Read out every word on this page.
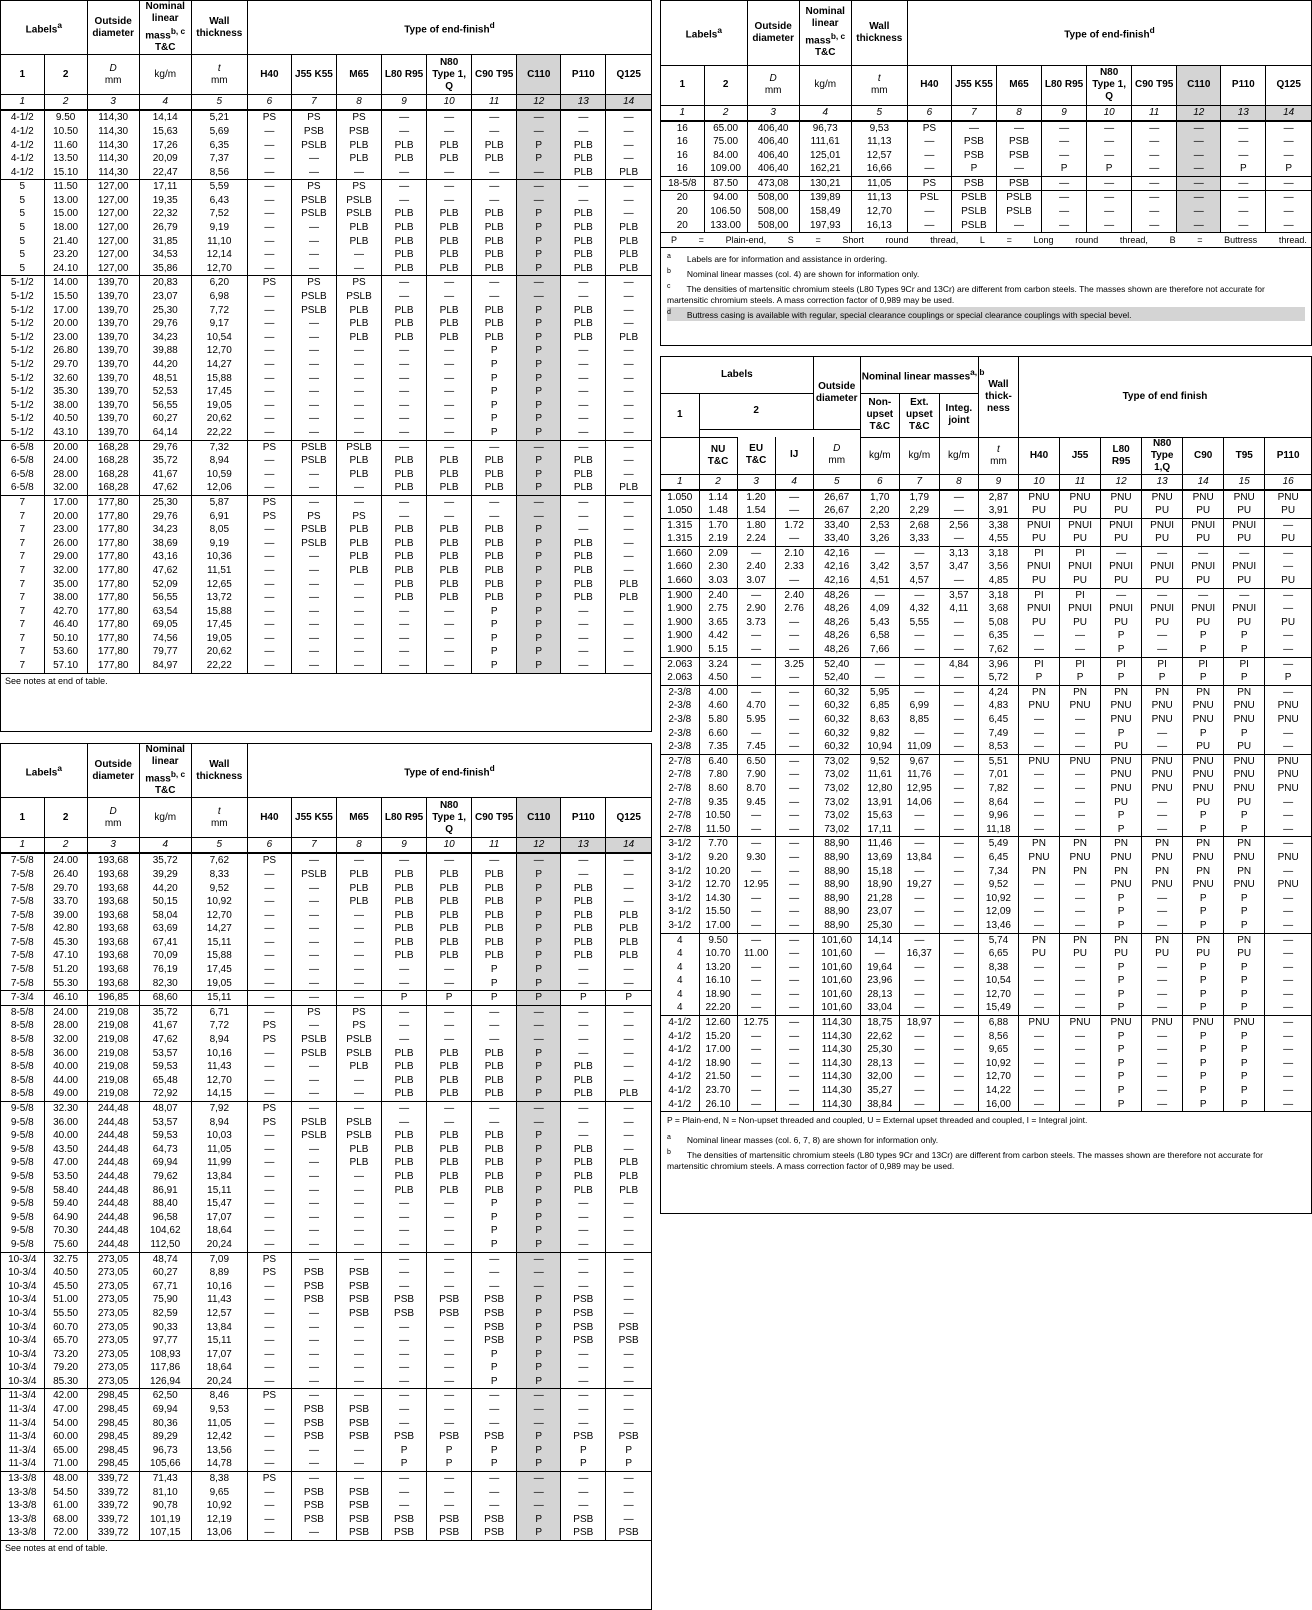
Labels$^a$		Outside diameter	Nominal linear mass$^{b, c}$
T&C	Wall thickness	Type of end-finish$^d$
1	2	D
mm	kg/m	t
mm	H40	J55 K55	M65	L80 R95	N80 Type 1, Q	C90 T95	C110	P110	Q125
1	2	3	4	5	6	7	8	9	10	11	12	13	14
4-1/2	9.50	114,30	14,14	5,21	PS	PS	PS	—	—	—	—	—	—
4-1/2	10.50	114,30	15,63	5,69	—	PSB	PSB	—	—	—	—	—	—
4-1/2	11.60	114,30	17,26	6,35	—	PSLB	PLB	PLB	PLB	PLB	P	PLB	—
4-1/2	13.50	114,30	20,09	7,37	—	—	PLB	PLB	PLB	PLB	P	PLB	—
4-1/2	15.10	114,30	22,47	8,56	—	—	—	—	—	—	—	PLB	PLB
5	11.50	127,00	17,11	5,59	—	PS	PS	—	—	—	—	—	—
5	13.00	127,00	19,35	6,43	—	PSLB	PSLB	—	—	—	—	—	—
5	15.00	127,00	22,32	7,52	—	PSLB	PSLB	PLB	PLB	PLB	P	PLB	—
5	18.00	127,00	26,79	9,19	—	—	PLB	PLB	PLB	PLB	P	PLB	PLB
5	21.40	127,00	31,85	11,10	—	—	PLB	PLB	PLB	PLB	P	PLB	PLB
5	23.20	127,00	34,53	12,14	—	—	—	PLB	PLB	PLB	P	PLB	PLB
5	24.10	127,00	35,86	12,70	—	—	—	PLB	PLB	PLB	P	PLB	PLB
5-1/2	14.00	139,70	20,83	6,20	PS	PS	PS	—	—	—	—	—	—
5-1/2	15.50	139,70	23,07	6,98	—	PSLB	PSLB	—	—	—	—	—	—
5-1/2	17.00	139,70	25,30	7,72	—	PSLB	PLB	PLB	PLB	PLB	P	PLB	—
5-1/2	20.00	139,70	29,76	9,17	—	—	PLB	PLB	PLB	PLB	P	PLB	—
5-1/2	23.00	139,70	34,23	10,54	—	—	PLB	PLB	PLB	PLB	P	PLB	PLB
5-1/2	26.80	139,70	39,88	12,70	—	—	—	—	—	P	P	—	—
5-1/2	29.70	139,70	44,20	14,27	—	—	—	—	—	P	P	—	—
5-1/2	32.60	139,70	48,51	15,88	—	—	—	—	—	P	P	—	—
5-1/2	35.30	139,70	52,53	17,45	—	—	—	—	—	P	P	—	—
5-1/2	38.00	139,70	56,55	19,05	—	—	—	—	—	P	P	—	—
5-1/2	40.50	139,70	60,27	20,62	—	—	—	—	—	P	P	—	—
5-1/2	43.10	139,70	64,14	22,22	—	—	—	—	—	P	P	—	—
6-5/8	20.00	168,28	29,76	7,32	PS	PSLB	PSLB	—	—	—	—	—	—
6-5/8	24.00	168,28	35,72	8,94	—	PSLB	PLB	PLB	PLB	PLB	P	PLB	—
6-5/8	28.00	168,28	41,67	10,59	—	—	PLB	PLB	PLB	PLB	P	PLB	—
6-5/8	32.00	168,28	47,62	12,06	—	—	—	PLB	PLB	PLB	P	PLB	PLB
7	17.00	177,80	25,30	5,87	PS	—	—	—	—	—	—	—	—
7	20.00	177,80	29,76	6,91	PS	PS	PS	—	—	—	—	—	—
7	23.00	177,80	34,23	8,05	—	PSLB	PLB	PLB	PLB	PLB	P	—	—
7	26.00	177,80	38,69	9,19	—	PSLB	PLB	PLB	PLB	PLB	P	PLB	—
7	29.00	177,80	43,16	10,36	—	—	PLB	PLB	PLB	PLB	P	PLB	—
7	32.00	177,80	47,62	11,51	—	—	PLB	PLB	PLB	PLB	P	PLB	—
7	35.00	177,80	52,09	12,65	—	—	—	PLB	PLB	PLB	P	PLB	PLB
7	38.00	177,80	56,55	13,72	—	—	—	PLB	PLB	PLB	P	PLB	PLB
7	42.70	177,80	63,54	15,88	—	—	—	—	—	P	P	—	—
7	46.40	177,80	69,05	17,45	—	—	—	—	—	P	P	—	—
7	50.10	177,80	74,56	19,05	—	—	—	—	—	P	P	—	—
7	53.60	177,80	79,77	20,62	—	—	—	—	—	P	P	—	—
7	57.10	177,80	84,97	22,22	—	—	—	—	—	P	P	—	—
See notes at end of table.
Labels$^a$		Outside diameter	Nominal linear mass$^{b, c}$
T&C	Wall thickness	Type of end-finish$^d$
1	2	D
mm	kg/m	t
mm	H40	J55 K55	M65	L80 R95	N80 Type 1, Q	C90 T95	C110	P110	Q125
1	2	3	4	5	6	7	8	9	10	11	12	13	14
7-5/8	24.00	193,68	35,72	7,62	PS	—	—	—	—	—	—	—	—
7-5/8	26.40	193,68	39,29	8,33	—	PSLB	PLB	PLB	PLB	PLB	P	—	—
7-5/8	29.70	193,68	44,20	9,52	—	—	PLB	PLB	PLB	PLB	P	PLB	—
7-5/8	33.70	193,68	50,15	10,92	—	—	PLB	PLB	PLB	PLB	P	PLB	—
7-5/8	39.00	193,68	58,04	12,70	—	—	—	PLB	PLB	PLB	P	PLB	PLB
7-5/8	42.80	193,68	63,69	14,27	—	—	—	PLB	PLB	PLB	P	PLB	PLB
7-5/8	45.30	193,68	67,41	15,11	—	—	—	PLB	PLB	PLB	P	PLB	PLB
7-5/8	47.10	193,68	70,09	15,88	—	—	—	PLB	PLB	PLB	P	PLB	PLB
7-5/8	51.20	193,68	76,19	17,45	—	—	—	—	—	P	P	—	—
7-5/8	55.30	193,68	82,30	19,05	—	—	—	—	—	P	P	—	—
7-3/4	46.10	196,85	68,60	15,11	—	—	—	P	P	P	P	P	P
8-5/8	24.00	219,08	35,72	6,71	—	PS	PS	—	—	—	—	—	—
8-5/8	28.00	219,08	41,67	7,72	PS	—	PS	—	—	—	—	—	—
8-5/8	32.00	219,08	47,62	8,94	PS	PSLB	PSLB	—	—	—	—	—	—
8-5/8	36.00	219,08	53,57	10,16	—	PSLB	PSLB	PLB	PLB	PLB	P	—	—
8-5/8	40.00	219,08	59,53	11,43	—	—	PLB	PLB	PLB	PLB	P	PLB	—
8-5/8	44.00	219,08	65,48	12,70	—	—	—	PLB	PLB	PLB	P	PLB	—
8-5/8	49.00	219,08	72,92	14,15	—	—	—	PLB	PLB	PLB	P	PLB	PLB
9-5/8	32.30	244,48	48,07	7,92	PS	—	—	—	—	—	—	—	—
9-5/8	36.00	244,48	53,57	8,94	PS	PSLB	PSLB	—	—	—	—	—	—
9-5/8	40.00	244,48	59,53	10,03	—	PSLB	PSLB	PLB	PLB	PLB	P	—	—
9-5/8	43.50	244,48	64,73	11,05	—	—	PLB	PLB	PLB	PLB	P	PLB	—
9-5/8	47.00	244,48	69,94	11,99	—	—	PLB	PLB	PLB	PLB	P	PLB	PLB
9-5/8	53.50	244,48	79,62	13,84	—	—	—	PLB	PLB	PLB	P	PLB	PLB
9-5/8	58.40	244,48	86,91	15,11	—	—	—	PLB	PLB	PLB	P	PLB	PLB
9-5/8	59.40	244,48	88,40	15,47	—	—	—	—	—	P	P	—	—
9-5/8	64.90	244,48	96,58	17,07	—	—	—	—	—	P	P	—	—
9-5/8	70.30	244,48	104,62	18,64	—	—	—	—	—	P	P	—	—
9-5/8	75.60	244,48	112,50	20,24	—	—	—	—	—	P	P	—	—
10-3/4	32.75	273,05	48,74	7,09	PS	—	—	—	—	—	—	—	—
10-3/4	40.50	273,05	60,27	8,89	PS	PSB	PSB	—	—	—	—	—	—
10-3/4	45.50	273,05	67,71	10,16	—	PSB	PSB	—	—	—	—	—	—
10-3/4	51.00	273,05	75,90	11,43	—	PSB	PSB	PSB	PSB	PSB	P	PSB	—
10-3/4	55.50	273,05	82,59	12,57	—	—	PSB	PSB	PSB	PSB	P	PSB	—
10-3/4	60.70	273,05	90,33	13,84	—	—	—	—	—	PSB	P	PSB	PSB
10-3/4	65.70	273,05	97,77	15,11	—	—	—	—	—	PSB	P	PSB	PSB
10-3/4	73.20	273,05	108,93	17,07	—	—	—	—	—	P	P	—	—
10-3/4	79.20	273,05	117,86	18,64	—	—	—	—	—	P	P	—	—
10-3/4	85.30	273,05	126,94	20,24	—	—	—	—	—	P	P	—	—
11-3/4	42.00	298,45	62,50	8,46	PS	—	—	—	—	—	—	—	—
11-3/4	47.00	298,45	69,94	9,53	—	PSB	PSB	—	—	—	—	—	—
11-3/4	54.00	298,45	80,36	11,05	—	PSB	PSB	—	—	—	—	—	—
11-3/4	60.00	298,45	89,29	12,42	—	PSB	PSB	PSB	PSB	PSB	P	PSB	PSB
11-3/4	65.00	298,45	96,73	13,56	—	—	—	P	P	P	P	P	P
11-3/4	71.00	298,45	105,66	14,78	—	—	—	P	P	P	P	P	P
13-3/8	48.00	339,72	71,43	8,38	PS	—	—	—	—	—	—	—	—
13-3/8	54.50	339,72	81,10	9,65	—	PSB	PSB	—	—	—	—	—	—
13-3/8	61.00	339,72	90,78	10,92	—	PSB	PSB	—	—	—	—	—	—
13-3/8	68.00	339,72	101,19	12,19	—	PSB	PSB	PSB	PSB	PSB	P	PSB	—
13-3/8	72.00	339,72	107,15	13,06	—	—	PSB	PSB	PSB	PSB	P	PSB	PSB
See notes at end of table.
Labels$^a$		Outside diameter	Nominal linear mass$^{b, c}$
T&C	Wall thickness	Type of end-finish$^d$
1	2	D
mm	kg/m	t
mm	H40	J55 K55	M65	L80 R95	N80 Type 1, Q	C90 T95	C110	P110	Q125
1	2	3	4	5	6	7	8	9	10	11	12	13	14
16	65.00	406,40	96,73	9,53	PS	—	—	—	—	—	—	—	—
16	75.00	406,40	111,61	11,13	—	PSB	PSB	—	—	—	—	—	—
16	84.00	406,40	125,01	12,57	—	PSB	PSB	—	—	—	—	—	—
16	109.00	406,40	162,21	16,66	—	P	—	P	P	—	—	P	P
18-5/8	87.50	473,08	130,21	11,05	PS	PSB	PSB	—	—	—	—	—	—
20	94.00	508,00	139,89	11,13	PSL	PSLB	PSLB	—	—	—	—	—	—
20	106.50	508,00	158,49	12,70	—	PSLB	PSLB	—	—	—	—	—	—
20	133.00	508,00	197,93	16,13	—	PSLB	—	—	—	—	—	—	—
P = Plain-end, S = Short round thread, L = Long round thread, B = Buttress thread.

$^a$ Labels are for information and assistance in ordering.

$^b$ Nominal linear masses (col. 4) are shown for information only.

$^c$ The densities of martensitic chromium steels (L80 Types 9Cr and 13Cr) are different from carbon steels. The masses shown are therefore not accurate for martensitic chromium steels. A mass correction factor of 0,989 may be used.

$^d$ Buttress casing is available with regular, special clearance couplings or special clearance couplings with special bevel.

Labels				Outside diameter	Nominal linear masses$^{a, b}$			Wall thick-ness	Type of end finish						
1	2				Non-upset T&C	Ext. upset T&C	Integ. joint								

	NU T&C	EU T&C	IJ	D
mm	kg/m	kg/m	kg/m	t
mm	H40	J55	L80 R95	N80 Type 1,Q	C90	T95	P110
1	2	3	4	5	6	7	8	9	10	11	12	13	14	15	16
1.050	1.14	1.20	—	26,67	1,70	1,79	—	2,87	PNU	PNU	PNU	PNU	PNU	PNU	PNU
1.050	1.48	1.54	—	26,67	2,20	2,29	—	3,91	PU	PU	PU	PU	PU	PU	PU
1.315	1.70	1.80	1.72	33,40	2,53	2,68	2,56	3,38	PNUI	PNUI	PNUI	PNUI	PNUI	PNUI	—
1.315	2.19	2.24	—	33,40	3,26	3,33	—	4,55	PU	PU	PU	PU	PU	PU	PU
1.660	2.09	—	2.10	42,16	—	—	3,13	3,18	PI	PI	—	—	—	—	—
1.660	2.30	2.40	2.33	42,16	3,42	3,57	3,47	3,56	PNUI	PNUI	PNUI	PNUI	PNUI	PNUI	—
1.660	3.03	3.07	—	42,16	4,51	4,57	—	4,85	PU	PU	PU	PU	PU	PU	PU
1.900	2.40	—	2.40	48,26	—	—	3,57	3,18	PI	PI	—	—	—	—	—
1.900	2.75	2.90	2.76	48,26	4,09	4,32	4,11	3,68	PNUI	PNUI	PNUI	PNUI	PNUI	PNUI	—
1.900	3.65	3.73	—	48,26	5,43	5,55	—	5,08	PU	PU	PU	PU	PU	PU	PU
1.900	4.42	—	—	48,26	6,58	—	—	6,35	—	—	P	—	P	P	—
1.900	5.15	—	—	48,26	7,66	—	—	7,62	—	—	P	—	P	P	—
2.063	3.24	—	3.25	52,40	—	—	4,84	3,96	PI	PI	PI	PI	PI	PI	—
2.063	4.50	—	—	52,40	—	—	—	5,72	P	P	P	P	P	P	P
2-3/8	4.00	—	—	60,32	5,95	—	—	4,24	PN	PN	PN	PN	PN	PN	—
2-3/8	4.60	4.70	—	60,32	6,85	6,99	—	4,83	PNU	PNU	PNU	PNU	PNU	PNU	PNU
2-3/8	5.80	5.95	—	60,32	8,63	8,85	—	6,45	—	—	PNU	PNU	PNU	PNU	PNU
2-3/8	6.60	—	—	60,32	9,82	—	—	7,49	—	—	P	—	P	P	—
2-3/8	7.35	7.45	—	60,32	10,94	11,09	—	8,53	—	—	PU	—	PU	PU	—
2-7/8	6.40	6.50	—	73,02	9,52	9,67	—	5,51	PNU	PNU	PNU	PNU	PNU	PNU	PNU
2-7/8	7.80	7.90	—	73,02	11,61	11,76	—	7,01	—	—	PNU	PNU	PNU	PNU	PNU
2-7/8	8.60	8.70	—	73,02	12,80	12,95	—	7,82	—	—	PNU	PNU	PNU	PNU	PNU
2-7/8	9.35	9.45	—	73,02	13,91	14,06	—	8,64	—	—	PU	—	PU	PU	—
2-7/8	10.50	—	—	73,02	15,63	—	—	9,96	—	—	P	—	P	P	—
2-7/8	11.50	—	—	73,02	17,11	—	—	11,18	—	—	P	—	P	P	—
3-1/2	7.70	—	—	88,90	11,46	—	—	5,49	PN	PN	PN	PN	PN	PN	—
3-1/2	9.20	9.30	—	88,90	13,69	13,84	—	6,45	PNU	PNU	PNU	PNU	PNU	PNU	PNU
3-1/2	10.20	—	—	88,90	15,18	—	—	7,34	PN	PN	PN	PN	PN	PN	—
3-1/2	12.70	12.95	—	88,90	18,90	19,27	—	9,52	—	—	PNU	PNU	PNU	PNU	PNU
3-1/2	14.30	—	—	88,90	21,28	—	—	10,92	—	—	P	—	P	P	—
3-1/2	15.50	—	—	88,90	23,07	—	—	12,09	—	—	P	—	P	P	—
3-1/2	17.00	—	—	88,90	25,30	—	—	13,46	—	—	P	—	P	P	—
4	9.50	—	—	101,60	14,14	—	—	5,74	PN	PN	PN	PN	PN	PN	—
4	10.70	11.00	—	101,60	—	16,37	—	6,65	PU	PU	PU	PU	PU	PU	—
4	13.20	—	—	101,60	19,64	—	—	8,38	—	—	P	—	P	P	—
4	16.10	—	—	101,60	23,96	—	—	10,54	—	—	P	—	P	P	—
4	18.90	—	—	101,60	28,13	—	—	12,70	—	—	P	—	P	P	—
4	22.20	—	—	101,60	33,04	—	—	15,49	—	—	P	—	P	P	—
4-1/2	12.60	12.75	—	114,30	18,75	18,97	—	6,88	PNU	PNU	PNU	PNU	PNU	PNU	—
4-1/2	15.20	—	—	114,30	22,62	—	—	8,56	—	—	P	—	P	P	—
4-1/2	17.00	—	—	114,30	25,30	—	—	9,65	—	—	P	—	P	P	—
4-1/2	18.90	—	—	114,30	28,13	—	—	10,92	—	—	P	—	P	P	—
4-1/2	21.50	—	—	114,30	32,00	—	—	12,70	—	—	P	—	P	P	—
4-1/2	23.70	—	—	114,30	35,27	—	—	14,22	—	—	P	—	P	P	—
4-1/2	26.10	—	—	114,30	38,84	—	—	16,00	—	—	P	—	P	P	—

P = Plain-end, N = Non-upset threaded and coupled, U = External upset threaded and coupled, I = Integral joint.

$^a$ Nominal linear masses (col. 6, 7, 8) are shown for information only.

$^b$ The densities of martensitic chromium steels (L80 types 9Cr and 13Cr) are different from carbon steels. The masses shown are therefore not accurate for martensitic chromium steels. A mass correction factor of 0,989 may be used.
